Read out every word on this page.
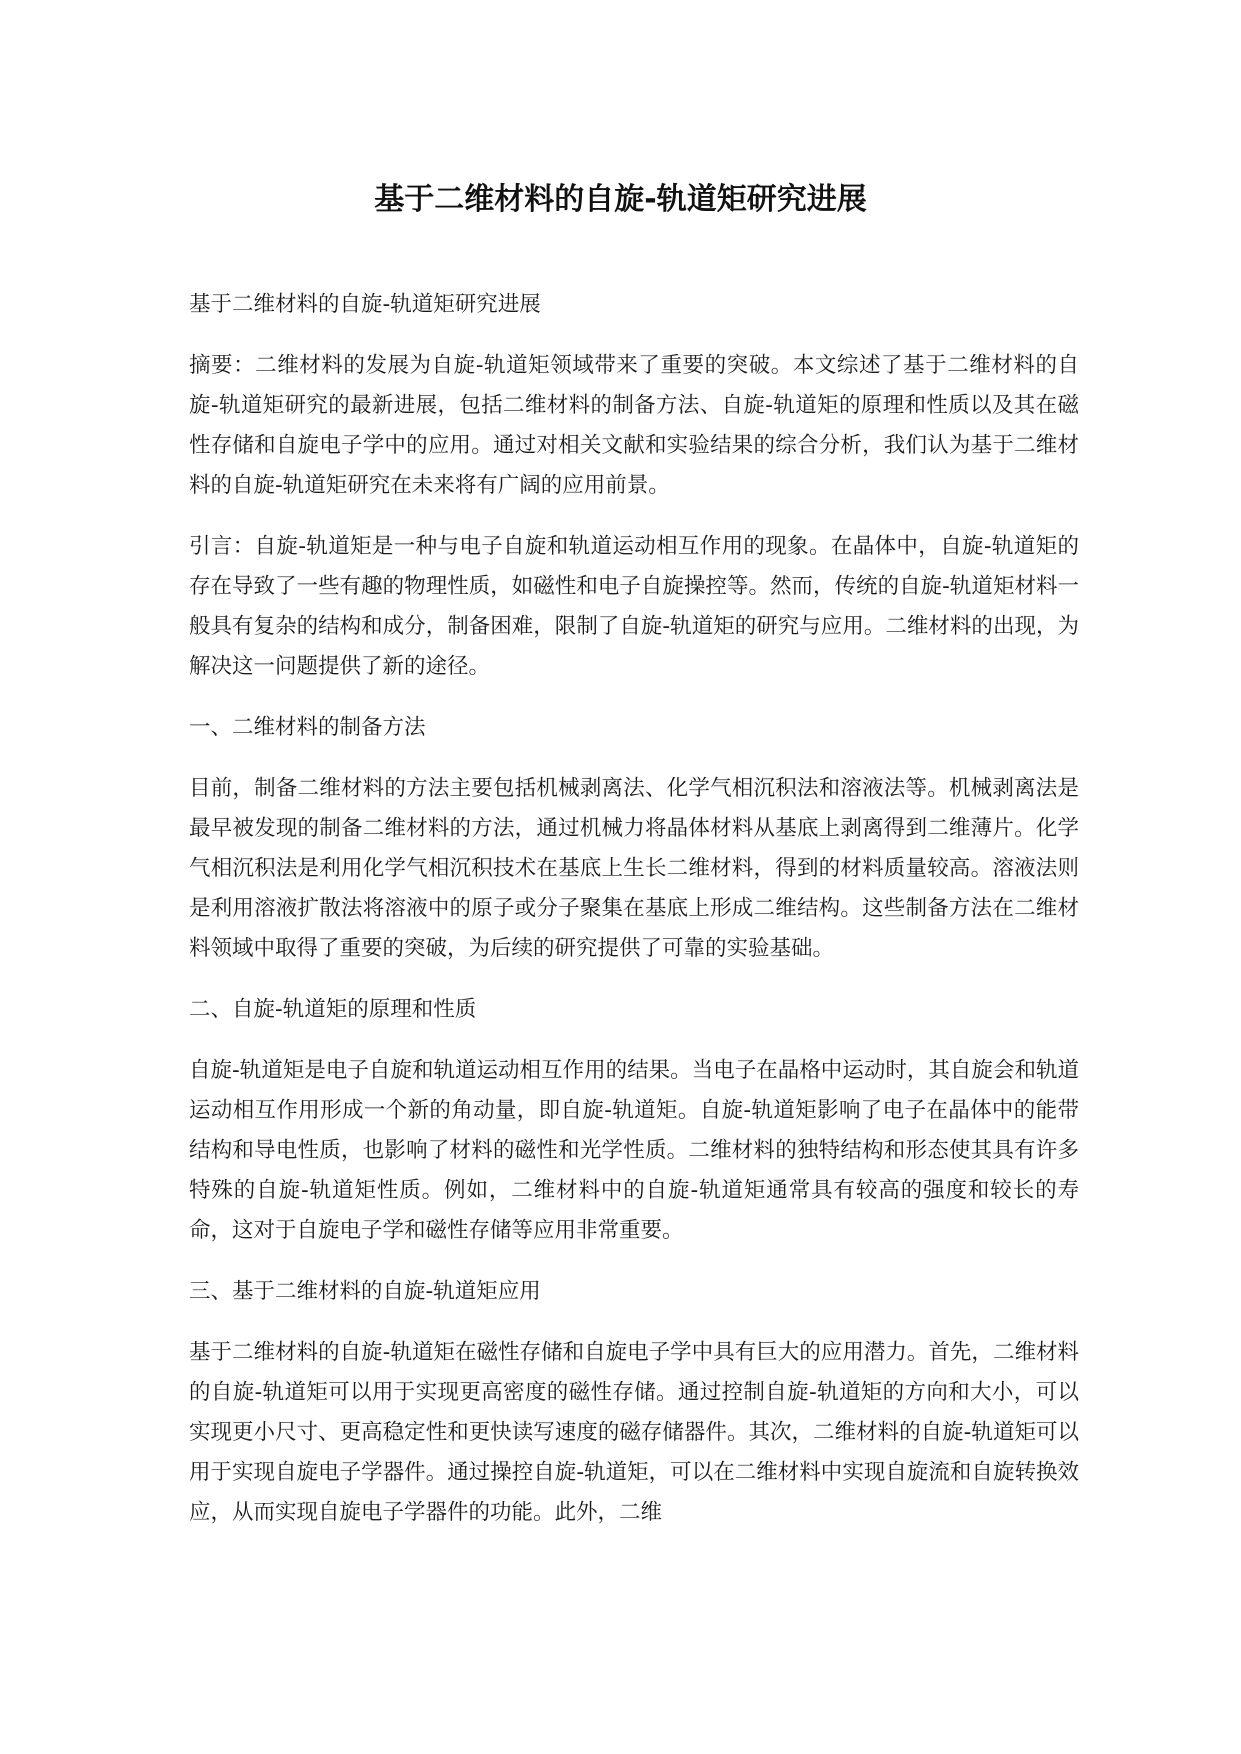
基于二维材料的自旋-轨道矩研究进展

基于二维材料的自旋-轨道矩研究进展

摘要：二维材料的发展为自旋-轨道矩领域带来了重要的突破。本文综述了基于二维材料的自旋-轨道矩研究的最新进展，包括二维材料的制备方法、自旋-轨道矩的原理和性质以及其在磁性存储和自旋电子学中的应用。通过对相关文献和实验结果的综合分析，我们认为基于二维材料的自旋-轨道矩研究在未来将有广阔的应用前景。

引言：自旋-轨道矩是一种与电子自旋和轨道运动相互作用的现象。在晶体中，自旋-轨道矩的存在导致了一些有趣的物理性质，如磁性和电子自旋操控等。然而，传统的自旋-轨道矩材料一般具有复杂的结构和成分，制备困难，限制了自旋-轨道矩的研究与应用。二维材料的出现，为解决这一问题提供了新的途径。

一、二维材料的制备方法

目前，制备二维材料的方法主要包括机械剥离法、化学气相沉积法和溶液法等。机械剥离法是最早被发现的制备二维材料的方法，通过机械力将晶体材料从基底上剥离得到二维薄片。化学气相沉积法是利用化学气相沉积技术在基底上生长二维材料，得到的材料质量较高。溶液法则是利用溶液扩散法将溶液中的原子或分子聚集在基底上形成二维结构。这些制备方法在二维材料领域中取得了重要的突破，为后续的研究提供了可靠的实验基础。

二、自旋-轨道矩的原理和性质

自旋-轨道矩是电子自旋和轨道运动相互作用的结果。当电子在晶格中运动时，其自旋会和轨道运动相互作用形成一个新的角动量，即自旋-轨道矩。自旋-轨道矩影响了电子在晶体中的能带结构和导电性质，也影响了材料的磁性和光学性质。二维材料的独特结构和形态使其具有许多特殊的自旋-轨道矩性质。例如，二维材料中的自旋-轨道矩通常具有较高的强度和较长的寿命，这对于自旋电子学和磁性存储等应用非常重要。

三、基于二维材料的自旋-轨道矩应用

基于二维材料的自旋-轨道矩在磁性存储和自旋电子学中具有巨大的应用潜力。首先，二维材料的自旋-轨道矩可以用于实现更高密度的磁性存储。通过控制自旋-轨道矩的方向和大小，可以实现更小尺寸、更高稳定性和更快读写速度的磁存储器件。其次，二维材料的自旋-轨道矩可以用于实现自旋电子学器件。通过操控自旋-轨道矩，可以在二维材料中实现自旋流和自旋转换效应，从而实现自旋电子学器件的功能。此外，二维
